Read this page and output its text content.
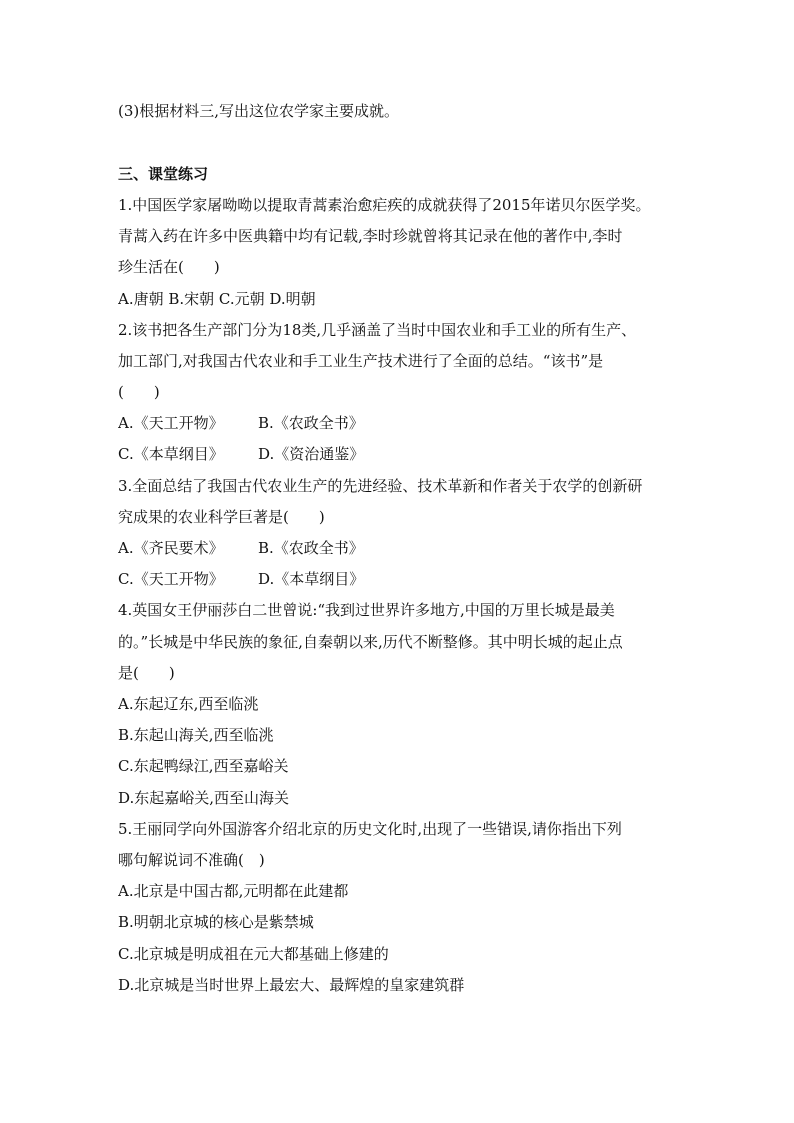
(3)根据材料三,写出这位农学家主要成就。
三、课堂练习
1.中国医学家屠呦呦以提取青蒿素治愈疟疾的成就获得了2015年诺贝尔医学奖。
青蒿入药在许多中医典籍中均有记载,李时珍就曾将其记录在他的著作中,李时
珍生活在(　　)
A.唐朝 B.宋朝 C.元朝 D.明朝
2.该书把各生产部门分为18类,几乎涵盖了当时中国农业和手工业的所有生产、
加工部门,对我国古代农业和手工业生产技术进行了全面的总结。“该书”是
(　　)
A.《天工开物》 B.《农政全书》
C.《本草纲目》 D.《资治通鉴》
3.全面总结了我国古代农业生产的先进经验、技术革新和作者关于农学的创新研
究成果的农业科学巨著是(　　)
A.《齐民要术》 B.《农政全书》
C.《天工开物》 D.《本草纲目》
4.英国女王伊丽莎白二世曾说:“我到过世界许多地方,中国的万里长城是最美
的。”长城是中华民族的象征,自秦朝以来,历代不断整修。其中明长城的起止点
是(　　)
A.东起辽东,西至临洮
B.东起山海关,西至临洮
C.东起鸭绿江,西至嘉峪关
D.东起嘉峪关,西至山海关
5.王丽同学向外国游客介绍北京的历史文化时,出现了一些错误,请你指出下列
哪句解说词不准确(　)
A.北京是中国古都,元明都在此建都
B.明朝北京城的核心是紫禁城
C.北京城是明成祖在元大都基础上修建的
D.北京城是当时世界上最宏大、最辉煌的皇家建筑群
